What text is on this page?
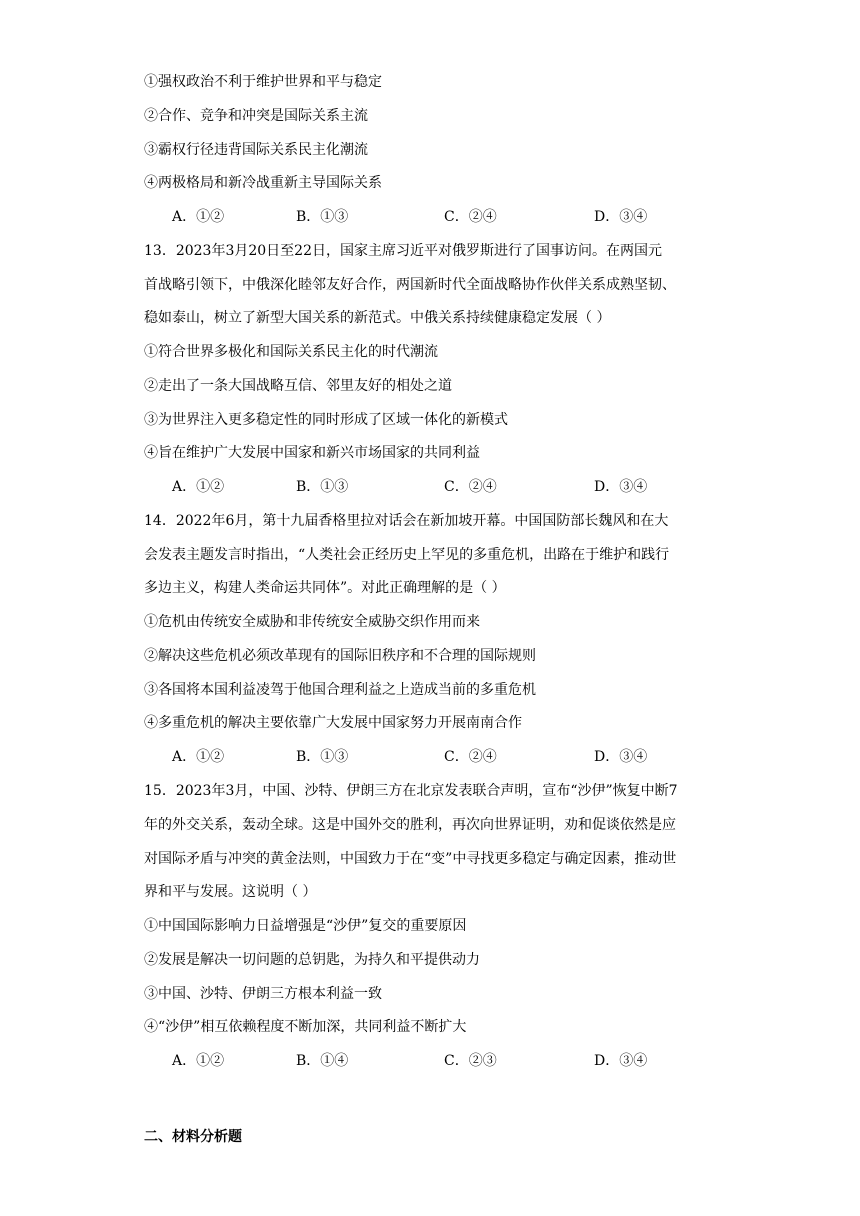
①强权政治不利于维护世界和平与稳定
②合作、竞争和冲突是国际关系主流
③霸权行径违背国际关系民主化潮流
④两极格局和新冷战重新主导国际关系
A．①②	B．①③	C．②④	D．③④
13．2023年3月20日至22日，国家主席习近平对俄罗斯进行了国事访问。在两国元
首战略引领下，中俄深化睦邻友好合作，两国新时代全面战略协作伙伴关系成熟坚韧、
稳如泰山，树立了新型大国关系的新范式。中俄关系持续健康稳定发展（ ）
①符合世界多极化和国际关系民主化的时代潮流
②走出了一条大国战略互信、邻里友好的相处之道
③为世界注入更多稳定性的同时形成了区域一体化的新模式
④旨在维护广大发展中国家和新兴市场国家的共同利益
A．①②	B．①③	C．②④	D．③④
14．2022年6月，第十九届香格里拉对话会在新加坡开幕。中国国防部长魏风和在大
会发表主题发言时指出，“人类社会正经历史上罕见的多重危机，出路在于维护和践行
多边主义，构建人类命运共同体”。对此正确理解的是（ ）
①危机由传统安全威胁和非传统安全威胁交织作用而来
②解决这些危机必须改革现有的国际旧秩序和不合理的国际规则
③各国将本国利益凌驾于他国合理利益之上造成当前的多重危机
④多重危机的解决主要依靠广大发展中国家努力开展南南合作
A．①②	B．①③	C．②④	D．③④
15．2023年3月，中国、沙特、伊朗三方在北京发表联合声明，宣布“沙伊”恢复中断7
年的外交关系，轰动全球。这是中国外交的胜利，再次向世界证明，劝和促谈依然是应
对国际矛盾与冲突的黄金法则，中国致力于在“变”中寻找更多稳定与确定因素，推动世
界和平与发展。这说明（ ）
①中国国际影响力日益增强是“沙伊”复交的重要原因
②发展是解决一切问题的总钥匙，为持久和平提供动力
③中国、沙特、伊朗三方根本利益一致
④“沙伊”相互依赖程度不断加深，共同利益不断扩大
A．①②	B．①④	C．②③	D．③④
二、材料分析题
